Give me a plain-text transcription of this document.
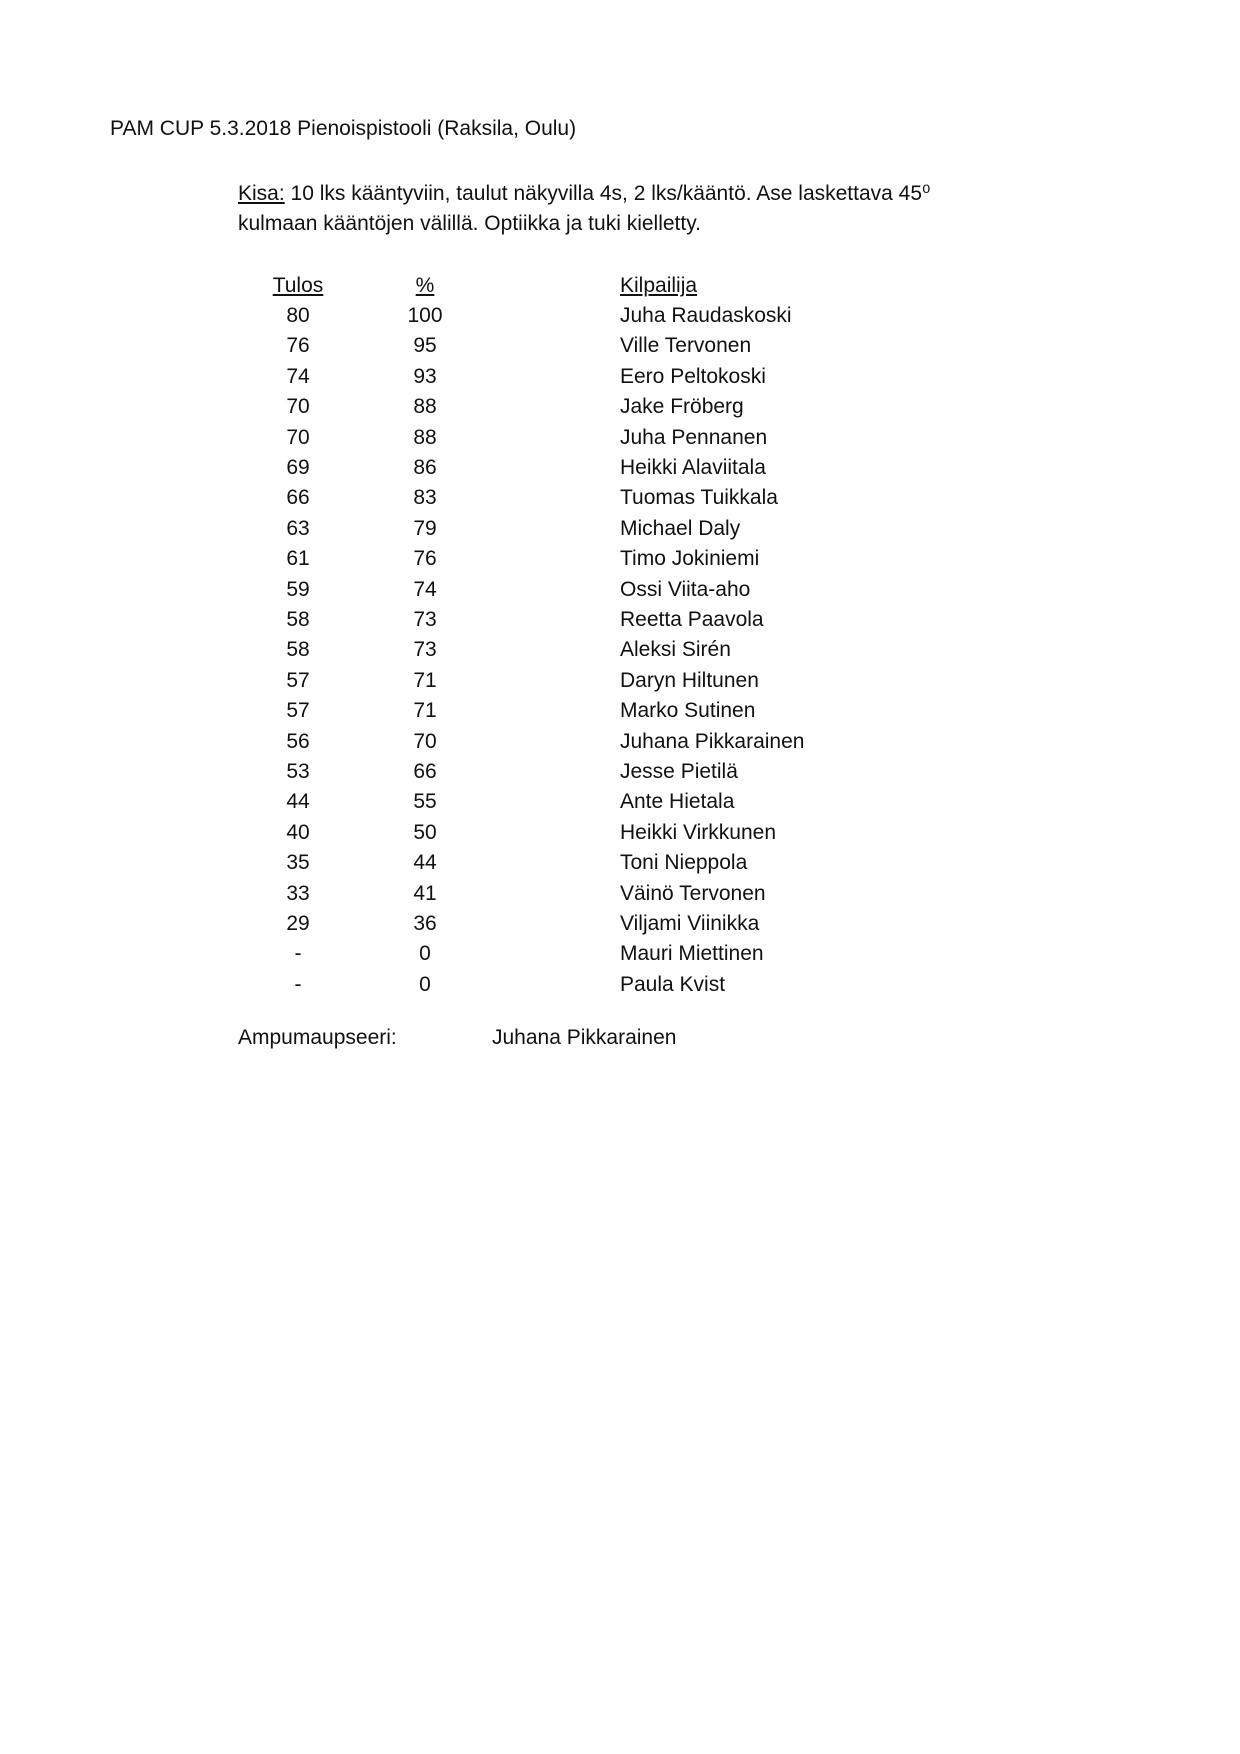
PAM CUP 5.3.2018 Pienoispistooli (Raksila, Oulu)
Kisa: 10 lks kääntyviin, taulut näkyvilla 4s, 2 lks/kääntö. Ase laskettava 45⁰
kulmaan kääntöjen välillä. Optiikka ja tuki kielletty.
Tulos	%		Kilpailija
80	100		Juha Raudaskoski
76	95		Ville Tervonen
74	93		Eero Peltokoski
70	88		Jake Fröberg
70	88		Juha Pennanen
69	86		Heikki Alaviitala
66	83		Tuomas Tuikkala
63	79		Michael Daly
61	76		Timo Jokiniemi
59	74		Ossi Viita-aho
58	73		Reetta Paavola
58	73		Aleksi Sirén
57	71		Daryn Hiltunen
57	71		Marko Sutinen
56	70		Juhana Pikkarainen
53	66		Jesse Pietilä
44	55		Ante Hietala
40	50		Heikki Virkkunen
35	44		Toni Nieppola
33	41		Väinö Tervonen
29	36		Viljami Viinikka
-	0		Mauri Miettinen
-	0		Paula Kvist
Ampumaupseeri:	Juhana Pikkarainen
